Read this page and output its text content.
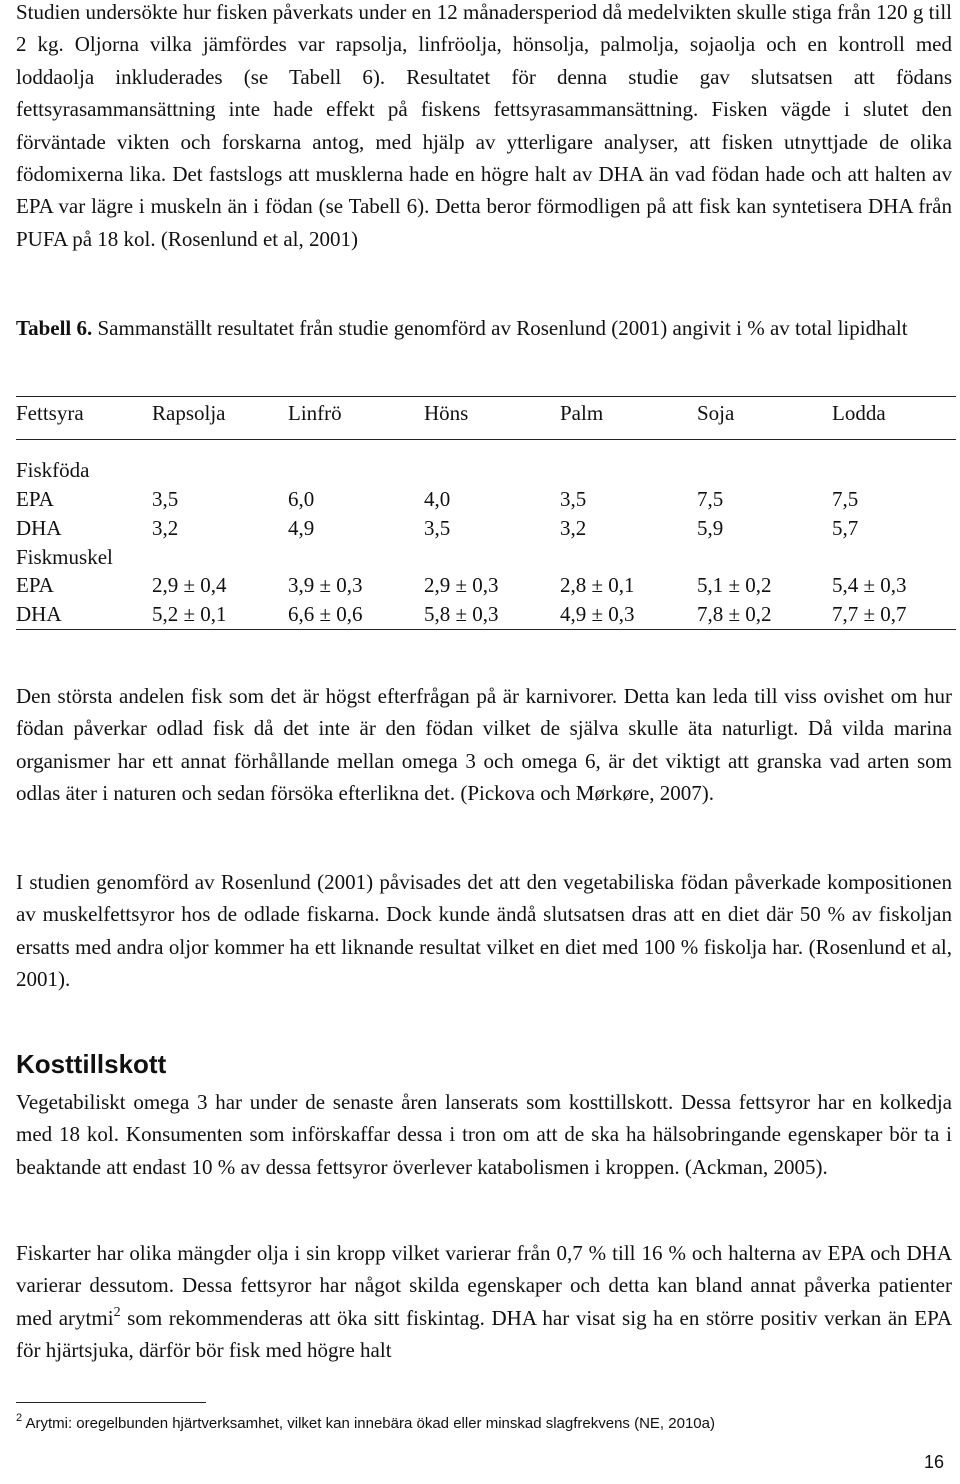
Studien undersökte hur fisken påverkats under en 12 månadersperiod då medelvikten skulle stiga från 120 g till 2 kg. Oljorna vilka jämfördes var rapsolja, linfröolja, hönsolja, palmolja, sojaolja och en kontroll med loddaolja inkluderades (se Tabell 6). Resultatet för denna studie gav slutsatsen att födans fettsyrasammansättning inte hade effekt på fiskens fettsyrasammansättning. Fisken vägde i slutet den förväntade vikten och forskarna antog, med hjälp av ytterligare analyser, att fisken utnyttjade de olika födomixerna lika. Det fastslogs att musklerna hade en högre halt av DHA än vad födan hade och att halten av EPA var lägre i muskeln än i födan (se Tabell 6). Detta beror förmodligen på att fisk kan syntetisera DHA från PUFA på 18 kol. (Rosenlund et al, 2001)

Tabell 6. Sammanställt resultatet från studie genomförd av Rosenlund (2001) angivit i % av total lipidhalt

Fettsyra	Rapsolja	Linfrö	Höns	Palm	Soja	Lodda
Fiskföda
EPA	3,5	6,0	4,0	3,5	7,5	7,5
DHA	3,2	4,9	3,5	3,2	5,9	5,7
Fiskmuskel
EPA	2,9 ± 0,4	3,9 ± 0,3	2,9 ± 0,3	2,8 ± 0,1	5,1 ± 0,2	5,4 ± 0,3
DHA	5,2 ± 0,1	6,6 ± 0,6	5,8 ± 0,3	4,9 ± 0,3	7,8 ± 0,2	7,7 ± 0,7

Den största andelen fisk som det är högst efterfrågan på är karnivorer. Detta kan leda till viss ovishet om hur födan påverkar odlad fisk då det inte är den födan vilket de själva skulle äta naturligt. Då vilda marina organismer har ett annat förhållande mellan omega 3 och omega 6, är det viktigt att granska vad arten som odlas äter i naturen och sedan försöka efterlikna det. (Pickova och Mørkøre, 2007).

I studien genomförd av Rosenlund (2001) påvisades det att den vegetabiliska födan påverkade kompositionen av muskelfettsyror hos de odlade fiskarna. Dock kunde ändå slutsatsen dras att en diet där 50 % av fiskoljan ersatts med andra oljor kommer ha ett liknande resultat vilket en diet med 100 % fiskolja har. (Rosenlund et al, 2001).

Kosttillskott

Vegetabiliskt omega 3 har under de senaste åren lanserats som kosttillskott. Dessa fettsyror har en kolkedja med 18 kol. Konsumenten som införskaffar dessa i tron om att de ska ha hälsobringande egenskaper bör ta i beaktande att endast 10 % av dessa fettsyror överlever katabolismen i kroppen. (Ackman, 2005).

Fiskarter har olika mängder olja i sin kropp vilket varierar från 0,7 % till 16 % och halterna av EPA och DHA varierar dessutom. Dessa fettsyror har något skilda egenskaper och detta kan bland annat påverka patienter med arytmi$^2$ som rekommenderas att öka sitt fiskintag. DHA har visat sig ha en större positiv verkan än EPA för hjärtsjuka, därför bör fisk med högre halt

$^2$ Arytmi: oregelbunden hjärtverksamhet, vilket kan innebära ökad eller minskad slagfrekvens (NE, 2010a)

16
